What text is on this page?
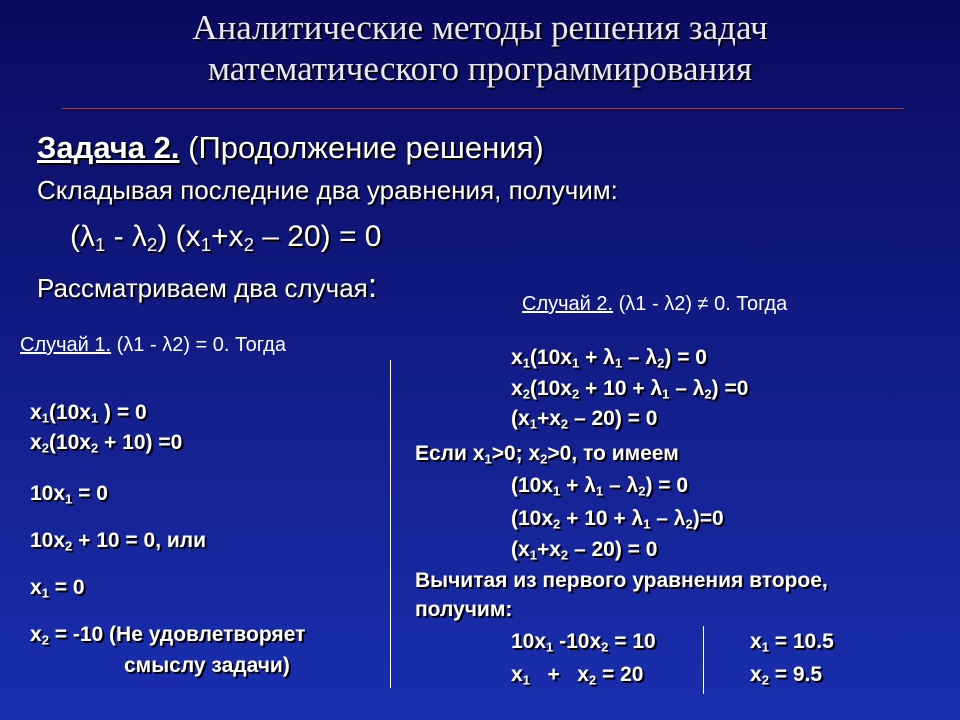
Аналитические методы решения задач
математического программирования
Задача 2. (Продолжение решения)
Складывая последние два уравнения, получим:
$(\lambda_1 - \lambda_2)$ $(x_1+x_2 - 20) = 0$
Рассматриваем два случая:	Случай 2. (λ1 - λ2) ≠ 0. Тогда
Случай 1. (λ1 - λ2) = 0. Тогда
$x_1(10x_1$ ) = 0
$x_2(10x_2 + 10) =0$
$10x_1 = 0$
$10x_2 + 10 = 0$, или
$x_1 = 0$
$x_2 = -10$ (Не удовлетворяет
смыслу задачи)
$x_1(10x_1 + \lambda_1 - \lambda_2) = 0$
$x_2(10x_2 + 10 + \lambda_1 - \lambda_2) =0$
$(x_1+x_2 - 20) = 0$
Если $x_1>0$; $x_2>0$, то имеем
$(10x_1 + \lambda_1 - \lambda_2) = 0$
$(10x_2 + 10 + \lambda_1 - \lambda_2)=0$
$(x_1+x_2 - 20) = 0$
Вычитая из первого уравнения второе,
получим:
$10x_1$ $-10x_2 = 10$
$x_1 + x_2 = 20$
$x_1 = 10.5$
$x_2 = 9.5$
